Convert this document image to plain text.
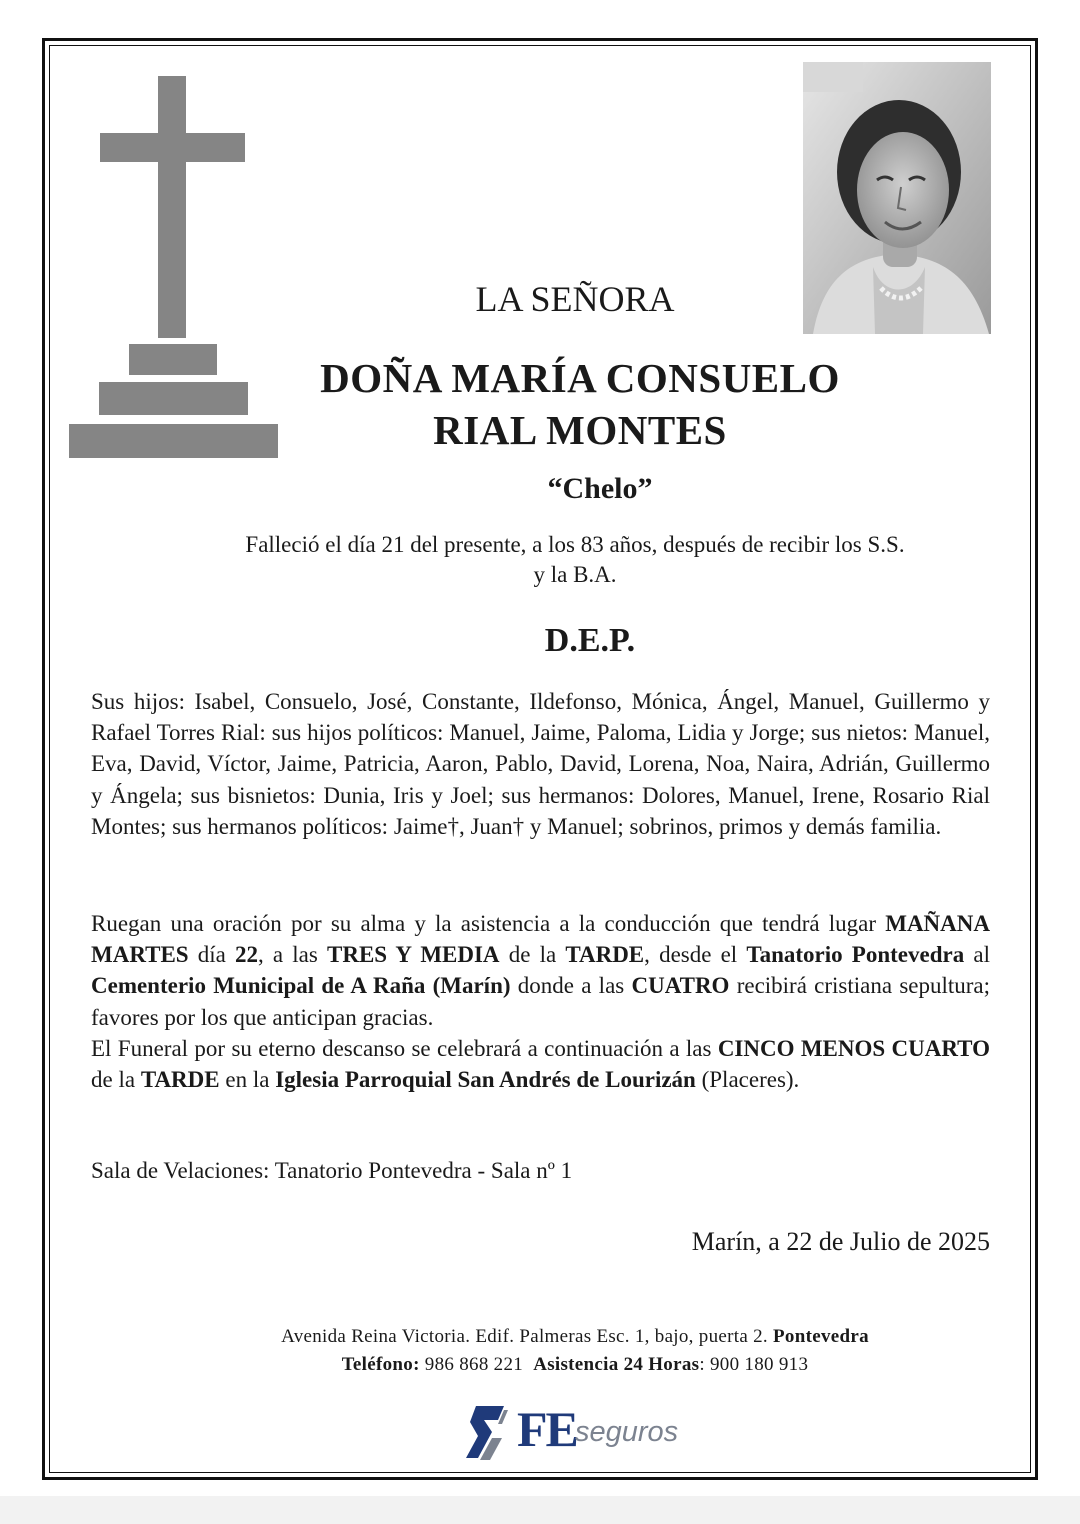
LA SEÑORA
DOÑA MARÍA CONSUELO
RIAL MONTES
“Chelo”
Falleció el día 21 del presente, a los 83 años, después de recibir los S.S.
y la B.A.
D.E.P.
Sus hijos: Isabel, Consuelo, José, Constante, Ildefonso, Mónica, Ángel, Manuel, Guillermo y Rafael Torres Rial: sus hijos políticos: Manuel, Jaime, Paloma, Lidia y Jorge; sus nietos: Manuel, Eva, David, Víctor, Jaime, Patricia, Aaron, Pablo, David, Lorena, Noa, Naira, Adrián, Guillermo y Ángela; sus bisnietos: Dunia, Iris y Joel; sus hermanos: Dolores, Manuel, Irene, Rosario Rial Montes; sus hermanos políticos: Jaime†, Juan† y Manuel; sobrinos, primos y demás familia.
Ruegan una oración por su alma y la asistencia a la conducción que tendrá lugar MAÑANA MARTES día 22, a las TRES Y MEDIA de la TARDE, desde el Tanatorio Pontevedra al Cementerio Municipal de A Raña (Marín) donde a las CUATRO recibirá cristiana sepultura; favores por los que anticipan gracias.
El Funeral por su eterno descanso se celebrará a continuación a las CINCO MENOS CUARTO de la TARDE en la Iglesia Parroquial San Andrés de Lourizán (Placeres).
Sala de Velaciones: Tanatorio Pontevedra - Sala nº 1
Marín, a 22 de Julio de 2025
Avenida Reina Victoria. Edif. Palmeras Esc. 1, bajo, puerta 2. Pontevedra
Teléfono: 986 868 221 Asistencia 24 Horas: 900 180 913
FE
seguros
